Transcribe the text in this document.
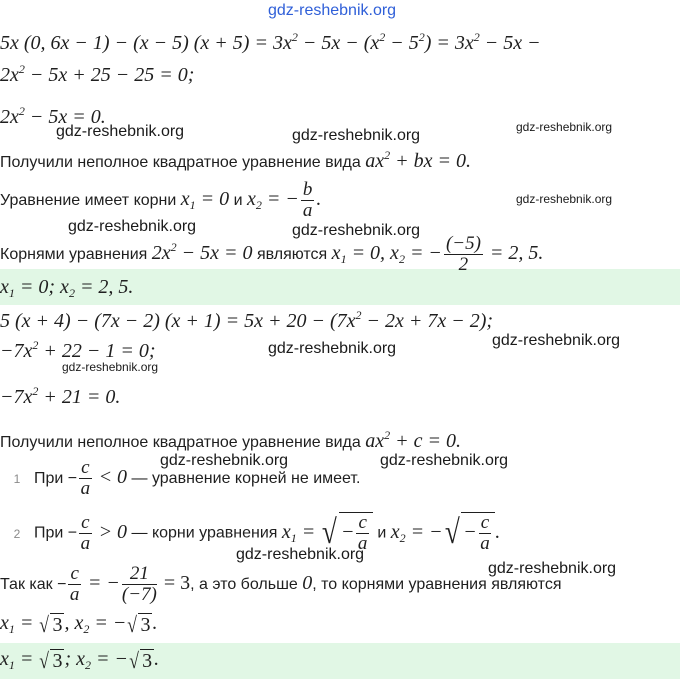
gdz-reshebnik.org
5x (0, 6x − 1) − (x − 5) $(x + 5) = 3x^2 - 5x - (x^2 - 5^2) = 3x^2 - 5x$ −
$2x^2 - 5x + 25 - 25 = 0$;
$2x^2 - 5x = 0$.
gdz-reshebnik.org	gdz-reshebnik.org	gdz-reshebnik.org
Получили неполное квадратное уравнение вида $ax^2$ + bx = 0.
Уравнение имеет корни $x_1 = 0$ и $x_2$ = − $\frac{b}{a}$ .	gdz-reshebnik.org
gdz-reshebnik.org	gdz-reshebnik.org
Корнями уравнения $2x^2 - 5x = 0$ являются $x_1 = 0$, $x_2$ = − $\frac{(-5)}{2} = 2$, 5.
$x_1 = 0$; $x_2 = 2$, 5.
5 (x + 4) − (7x − 2) $(x + 1) = 5x + 20 - (7x^2 - 2x + 7x - 2)$;
$-7x^2 + 22 - 1 = 0$;	gdz-reshebnik.org	gdz-reshebnik.org
gdz-reshebnik.org
$-7x^2 + 21 = 0$.
Получили неполное квадратное уравнение вида $ax^2 + c = 0$.
gdz-reshebnik.org	gdz-reshebnik.org
1 При − $\frac{c}{a} < 0$ — уравнение корней не имеет.
2 При − $\frac{c}{a} > 0$ — корни уравнения $x_1$ = √ − $\frac{c}{a}$ и $x_2$ = −√ − $\frac{c}{a}$ .
gdz-reshebnik.org
gdz-reshebnik.org
Так как − $\frac{c}{a}$ = − $\frac{21}{(-7)} = 3$, а это больше 0, то корнями уравнения являются
$x_1$ = √ 3 , $x_2$ = −√ 3 .
$x_1$ = √ 3 ; $x_2$ = −√ 3 .
